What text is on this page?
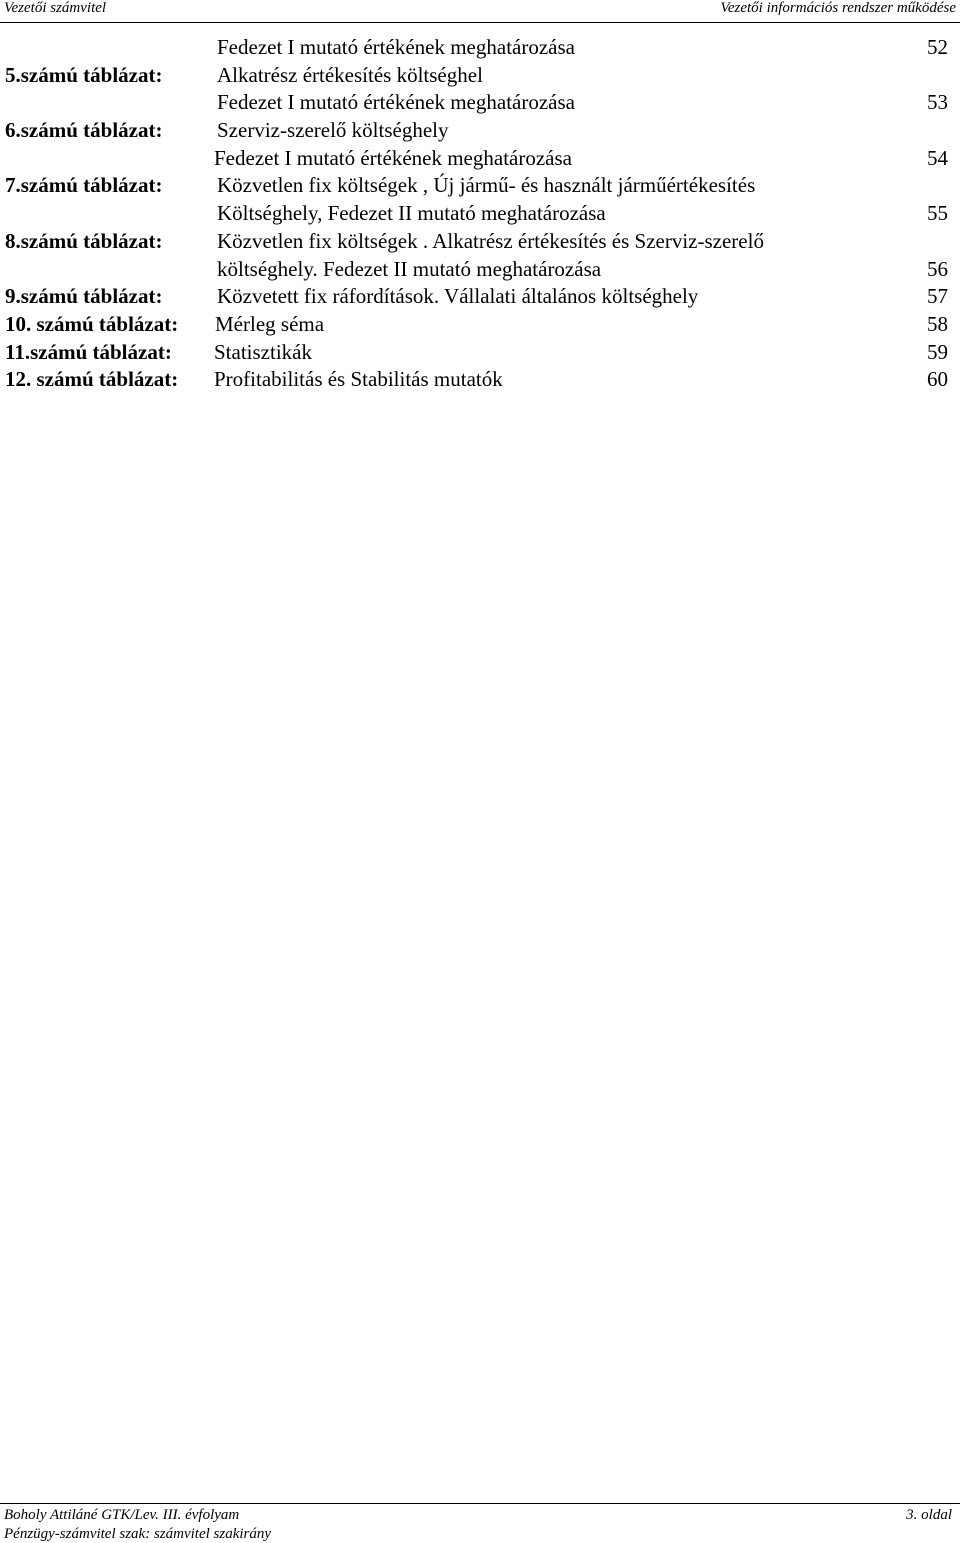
Vezetői számvitel	Vezetői információs rendszer működése
Fedezet I mutató értékének meghatározása	52
5.számú táblázat:	Alkatrész értékesítés költséghel
Fedezet I mutató értékének meghatározása	53
6.számú táblázat:	Szerviz-szerelő költséghely
Fedezet I mutató értékének meghatározása	54
7.számú táblázat:	Közvetlen fix költségek , Új jármű- és használt járműértékesítés
Költséghely, Fedezet II mutató meghatározása	55
8.számú táblázat:	Közvetlen fix költségek . Alkatrész értékesítés és Szerviz-szerelő
költséghely. Fedezet II mutató meghatározása	56
9.számú táblázat:	Közvetett fix ráfordítások. Vállalati általános költséghely	57
10. számú táblázat: Mérleg séma	58
11.számú táblázat: Statisztikák	59
12. számú táblázat: Profitabilitás és Stabilitás mutatók	60
Boholy Attiláné GTK/Lev. III. évfolyam	3. oldal
Pénzügy-számvitel szak: számvitel szakirány
